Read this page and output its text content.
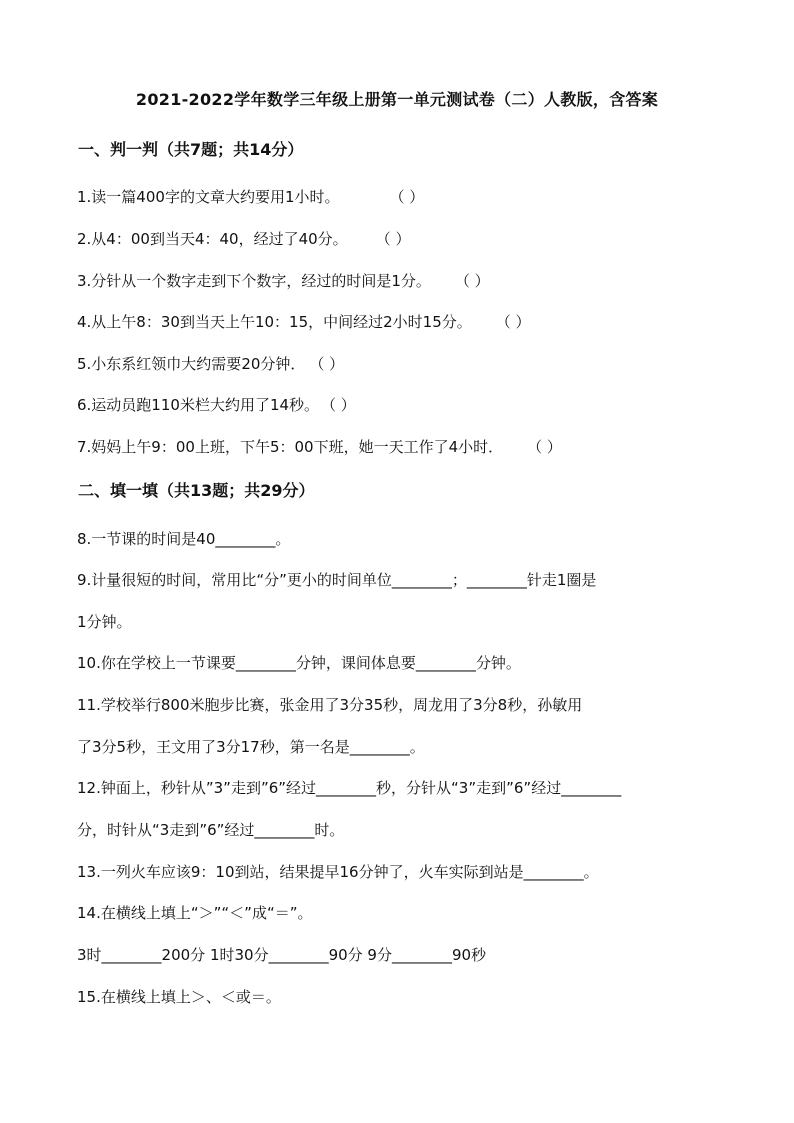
2021-2022学年数学三年级上册第一单元测试卷（二）人教版，含答案
一、判一判（共7题；共14分）
1.读一篇400字的文章大约要用1小时。	（ ）
2.从4：00到当天4：40，经过了40分。 （ ）
3.分针从一个数字走到下个数字，经过的时间是1分。 （ ）
4.从上午8：30到当天上午10：15，中间经过2小时15分。 （ ）
5.小东系红领巾大约需要20分钟． （ ）
6.运动员跑110米栏大约用了14秒。 （ ）
7.妈妈上午9：00上班，下午5：00下班，她一天工作了4小时． （ ）
二、填一填（共13题；共29分）
8.一节课的时间是40________。
9.计量很短的时间，常用比“分”更小的时间单位________；________针走1圈是
1分钟。
10.你在学校上一节课要________分钟，课间体息要________分钟。
11.学校举行800米胞步比赛，张金用了3分35秒，周龙用了3分8秒，孙敏用
了3分5秒，王文用了3分17秒，第一名是________。
12.钟面上，秒针从”3”走到”6”经过________秒，分针从“3”走到”6”经过________
分，时针从“3走到”6”经过________时。
13.一列火车应该9：10到站，结果提早16分钟了，火车实际到站是________。
14.在横线上填上“＞”“＜”成“＝”。
3时________200分 1时30分________90分 9分________90秒
15.在横线上填上＞、＜或＝。
